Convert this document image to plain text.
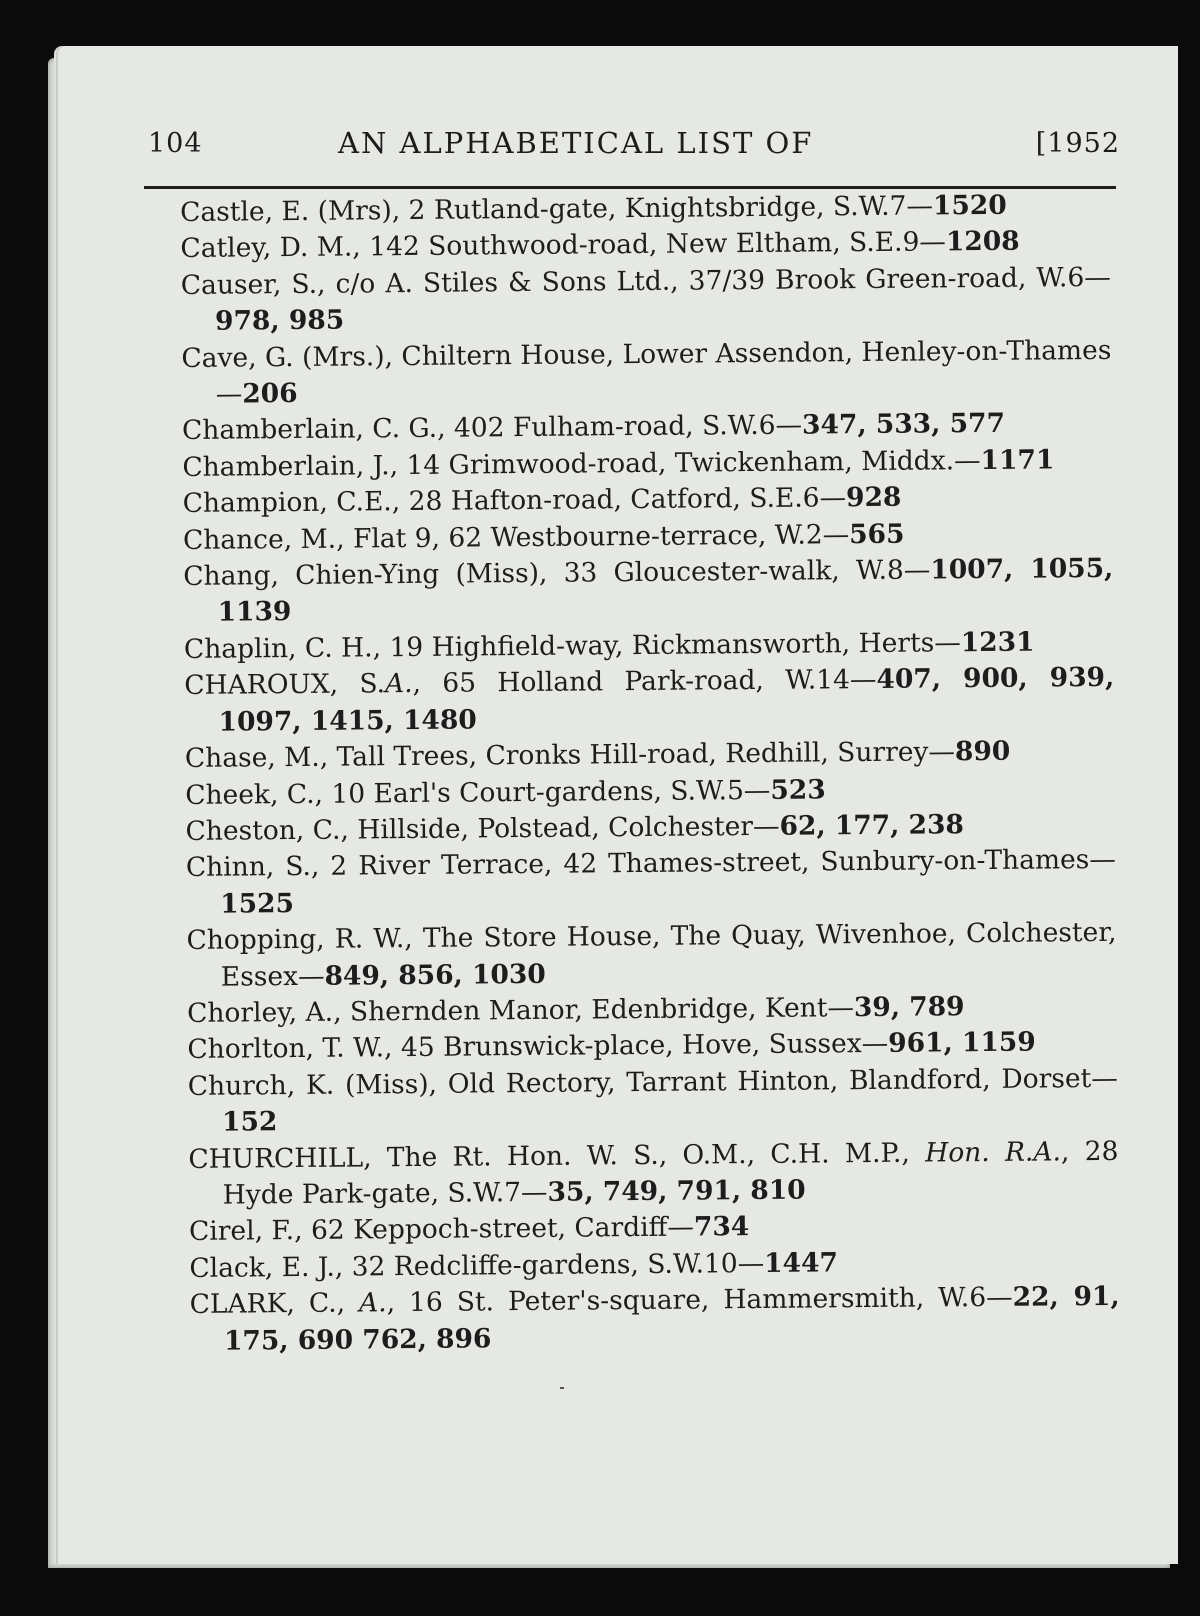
104	AN ALPHABETICAL LIST OF	[1952
Castle, E. (Mrs), 2 Rutland-gate, Knightsbridge, S.W.7—1520
Catley, D. M., 142 Southwood-road, New Eltham, S.E.9—1208
Causer, S., c/o A. Stiles & Sons Ltd., 37/39 Brook Green-road, W.6—978, 985
Cave, G. (Mrs.), Chiltern House, Lower Assendon, Henley-on-Thames—206
Chamberlain, C. G., 402 Fulham-road, S.W.6—347, 533, 577
Chamberlain, J., 14 Grimwood-road, Twickenham, Middx.—1171
Champion, C.E., 28 Hafton-road, Catford, S.E.6—928
Chance, M., Flat 9, 62 Westbourne-terrace, W.2—565
Chang, Chien-Ying (Miss), 33 Gloucester-walk, W.8—1007, 1055, 1139
Chaplin, C. H., 19 Highfield-way, Rickmansworth, Herts—1231
CHAROUX, S.A., 65 Holland Park-road, W.14—407, 900, 939, 1097, 1415, 1480
Chase, M., Tall Trees, Cronks Hill-road, Redhill, Surrey—890
Cheek, C., 10 Earl's Court-gardens, S.W.5—523
Cheston, C., Hillside, Polstead, Colchester—62, 177, 238
Chinn, S., 2 River Terrace, 42 Thames-street, Sunbury-on-Thames—1525
Chopping, R. W., The Store House, The Quay, Wivenhoe, Colchester, Essex—849, 856, 1030
Chorley, A., Shernden Manor, Edenbridge, Kent—39, 789
Chorlton, T. W., 45 Brunswick-place, Hove, Sussex—961, 1159
Church, K. (Miss), Old Rectory, Tarrant Hinton, Blandford, Dorset—152
CHURCHILL, The Rt. Hon. W. S., O.M., C.H. M.P., Hon. R.A., 28 Hyde Park-gate, S.W.7—35, 749, 791, 810
Cirel, F., 62 Keppoch-street, Cardiff—734
Clack, E. J., 32 Redcliffe-gardens, S.W.10—1447
CLARK, C., A., 16 St. Peter's-square, Hammersmith, W.6—22, 91, 175, 690 762, 896
